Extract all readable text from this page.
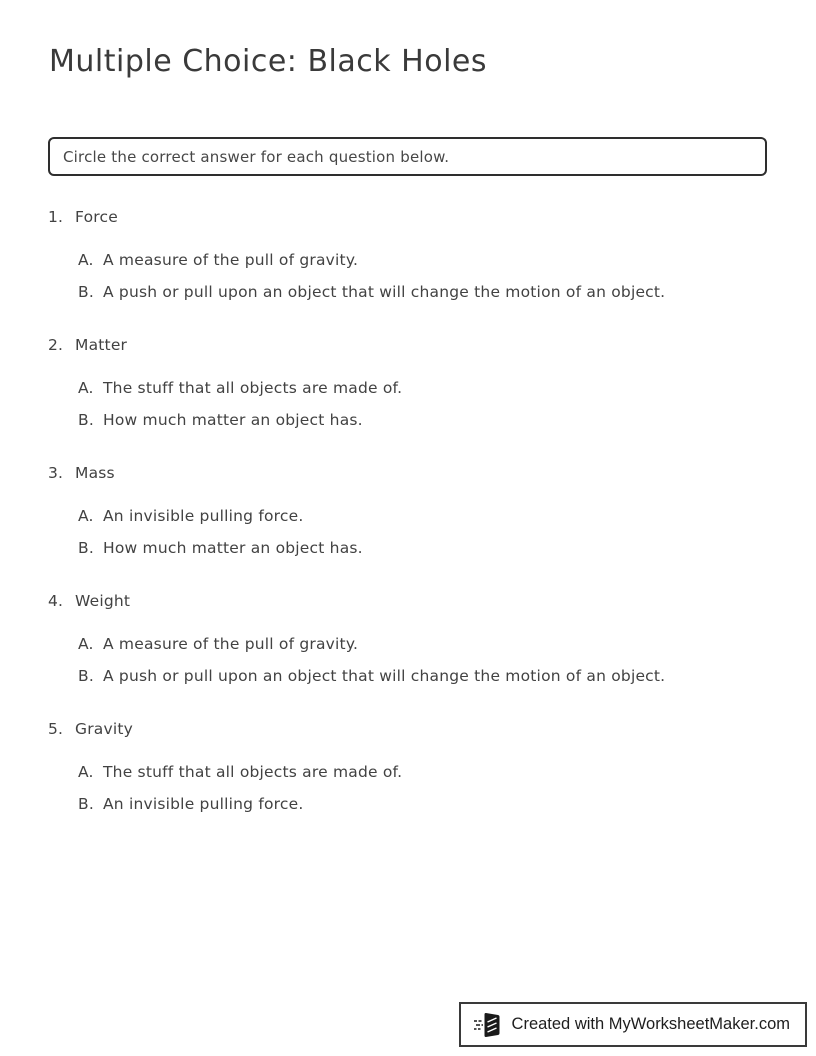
Multiple Choice: Black Holes
Circle the correct answer for each question below.
1. Force
A. A measure of the pull of gravity.
B. A push or pull upon an object that will change the motion of an object.
2. Matter
A. The stuff that all objects are made of.
B. How much matter an object has.
3. Mass
A. An invisible pulling force.
B. How much matter an object has.
4. Weight
A. A measure of the pull of gravity.
B. A push or pull upon an object that will change the motion of an object.
5. Gravity
A. The stuff that all objects are made of.
B. An invisible pulling force.
Created with MyWorksheetMaker.com
